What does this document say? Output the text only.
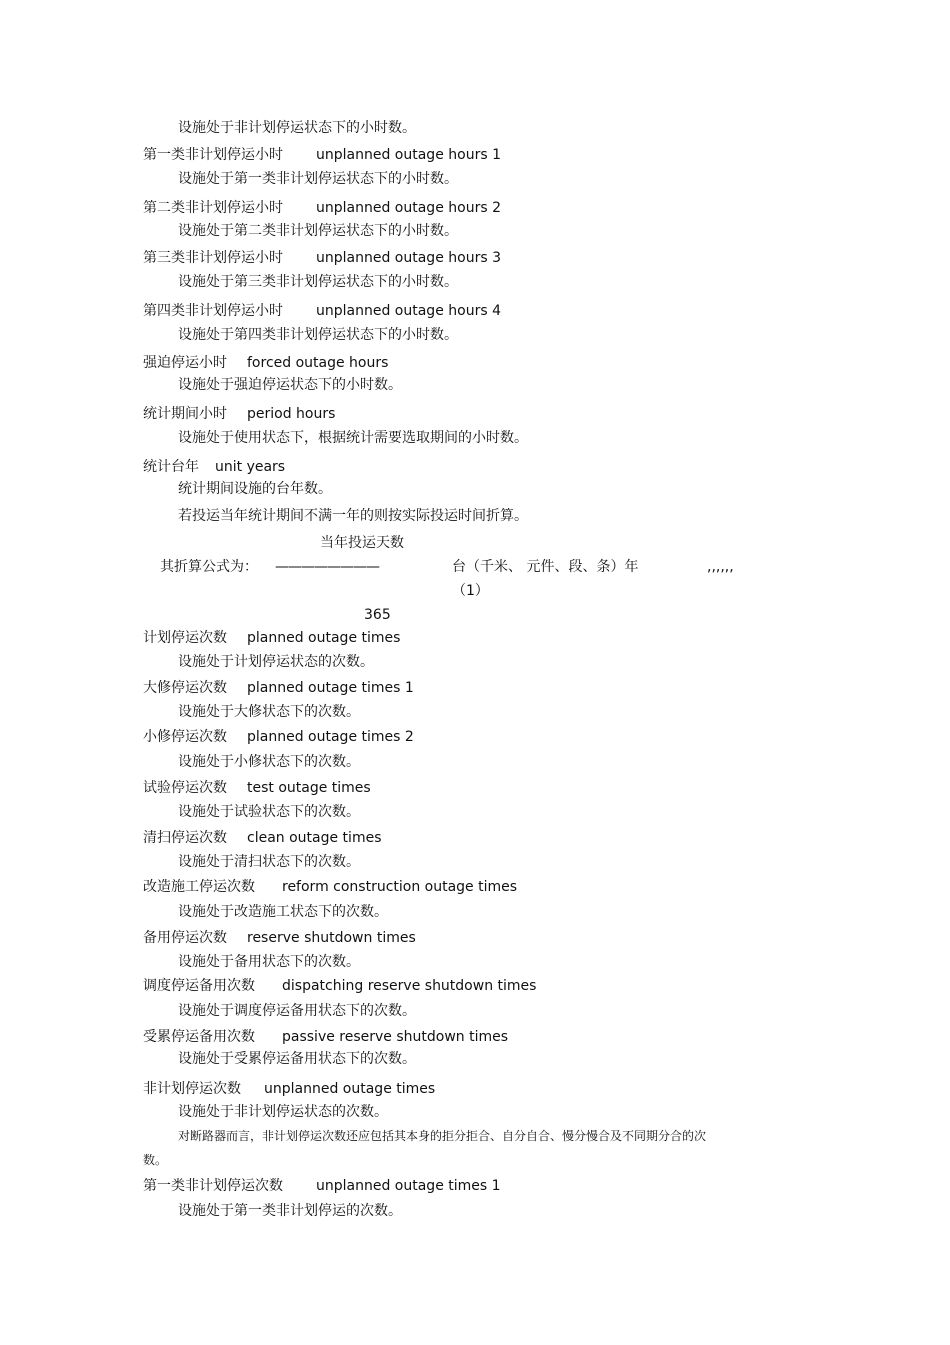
设施处于非计划停运状态下的小时数。
第一类非计划停运小时 unplanned outage hours 1
设施处于第一类非计划停运状态下的小时数。
第二类非计划停运小时 unplanned outage hours 2
设施处于第二类非计划停运状态下的小时数。
第三类非计划停运小时 unplanned outage hours 3
设施处于第三类非计划停运状态下的小时数。
第四类非计划停运小时 unplanned outage hours 4
设施处于第四类非计划停运状态下的小时数。
强迫停运小时 forced outage hours
设施处于强迫停运状态下的小时数。
统计期间小时 period hours
设施处于使用状态下，根据统计需要选取期间的小时数。
统计台年 unit years
统计期间设施的台年数。
若投运当年统计期间不满一年的则按实际投运时间折算。
当年投运天数
其折算公式为： ————————	台（千米、 元件、段、条）年	,,,,,,
（1）
365
计划停运次数 planned outage times
设施处于计划停运状态的次数。
大修停运次数 planned outage times 1
设施处于大修状态下的次数。
小修停运次数 planned outage times 2
设施处于小修状态下的次数。
试验停运次数 test outage times
设施处于试验状态下的次数。
清扫停运次数 clean outage times
设施处于清扫状态下的次数。
改造施工停运次数 reform construction outage times
设施处于改造施工状态下的次数。
备用停运次数 reserve shutdown times
设施处于备用状态下的次数。
调度停运备用次数 dispatching reserve shutdown times
设施处于调度停运备用状态下的次数。
受累停运备用次数 passive reserve shutdown times
设施处于受累停运备用状态下的次数。
非计划停运次数 unplanned outage times
设施处于非计划停运状态的次数。
对断路器而言，非计划停运次数还应包括其本身的拒分拒合、自分自合、慢分慢合及不同期分合的次
数。
第一类非计划停运次数 unplanned outage times 1
设施处于第一类非计划停运的次数。
